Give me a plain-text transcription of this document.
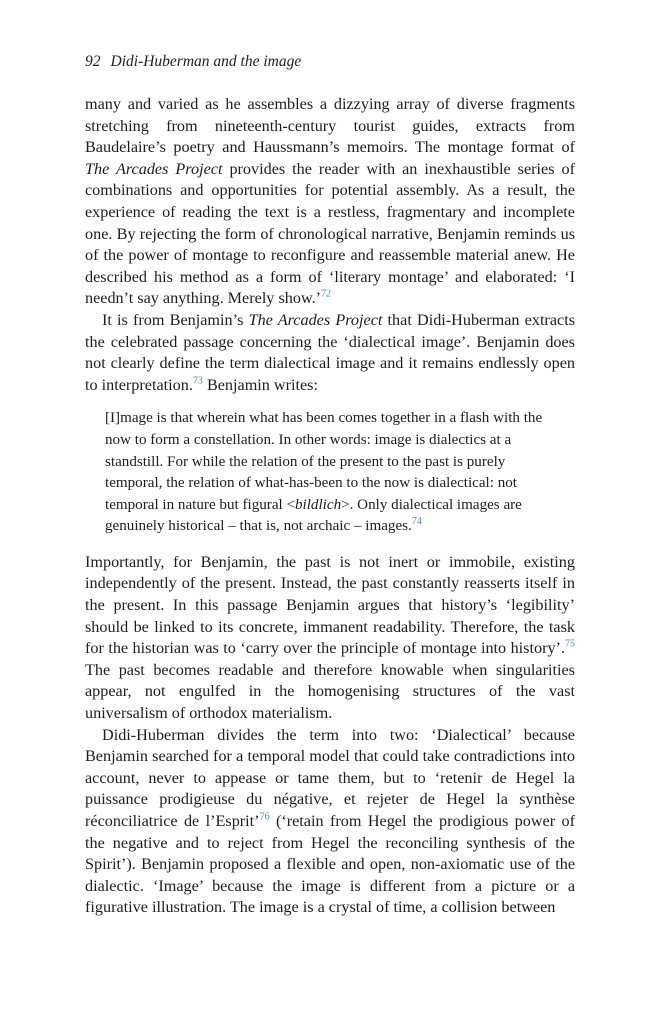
92 Didi-Huberman and the image

many and varied as he assembles a dizzying array of diverse fragments stretching from nineteenth-century tourist guides, extracts from Baudelaire’s poetry and Haussmann’s memoirs. The montage format of The Arcades Project provides the reader with an inexhaustible series of combinations and opportunities for potential assembly. As a result, the experience of reading the text is a restless, fragmentary and incomplete one. By rejecting the form of chronological narrative, Benjamin reminds us of the power of montage to reconfigure and reassemble material anew. He described his method as a form of ‘literary montage’ and elaborated: ‘I needn’t say anything. Merely show.’$^{72}$

It is from Benjamin’s The Arcades Project that Didi-Huberman extracts the celebrated passage concerning the ‘dialectical image’. Benjamin does not clearly define the term dialectical image and it remains endlessly open to interpretation.$^{73}$ Benjamin writes:

[I]mage is that wherein what has been comes together in a flash with the now to form a constellation. In other words: image is dialectics at a standstill. For while the relation of the present to the past is purely temporal, the relation of what-has-been to the now is dialectical: not temporal in nature but figural <bildlich>. Only dialectical images are genuinely historical – that is, not archaic – images.$^{74}$

Importantly, for Benjamin, the past is not inert or immobile, existing independently of the present. Instead, the past constantly reasserts itself in the present. In this passage Benjamin argues that history’s ‘legibility’ should be linked to its concrete, immanent readability. Therefore, the task for the historian was to ‘carry over the principle of montage into history’.$^{75}$ The past becomes readable and therefore knowable when singularities appear, not engulfed in the homogenising structures of the vast universalism of orthodox materialism.

Didi-Huberman divides the term into two: ‘Dialectical’ because Benjamin searched for a temporal model that could take contradictions into account, never to appease or tame them, but to ‘retenir de Hegel la puissance prodigieuse du négative, et rejeter de Hegel la synthèse réconciliatrice de l’Esprit’$^{76}$ (‘retain from Hegel the prodigious power of the negative and to reject from Hegel the reconciling synthesis of the Spirit’). Benjamin proposed a flexible and open, non-axiomatic use of the dialectic. ‘Image’ because the image is different from a picture or a figurative illustration. The image is a crystal of time, a collision between
